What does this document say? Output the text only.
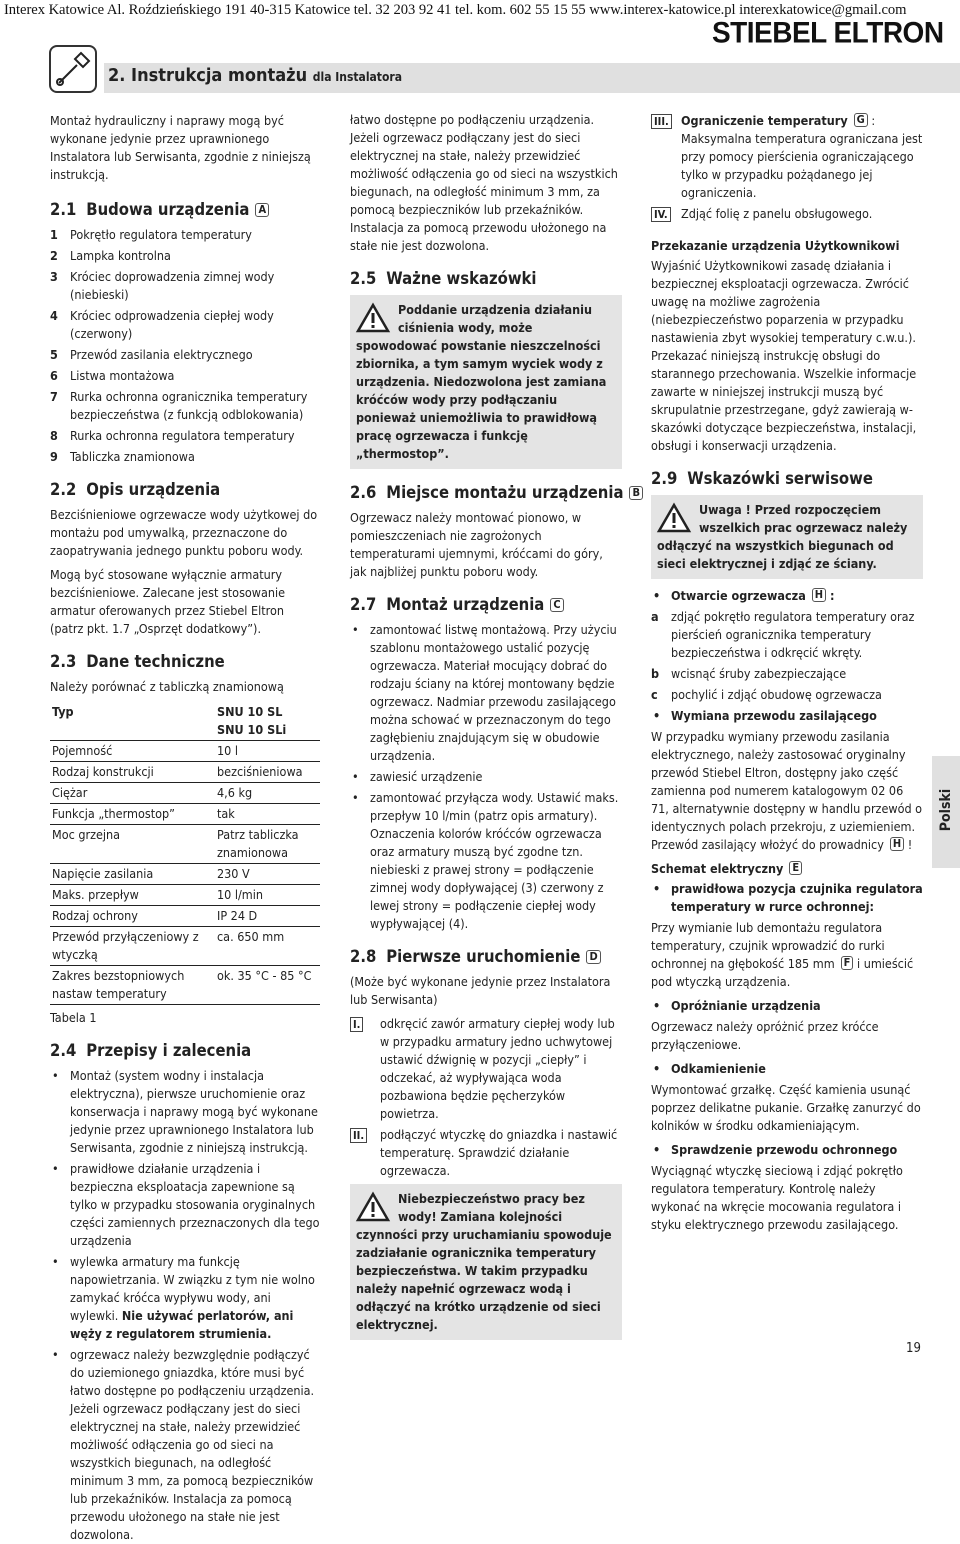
Interex Katowice Al. Roździeńskiego 191 40-315 Katowice tel. 32 203 92 41 tel. kom. 602 55 15 55 www.interex-katowice.pl interexkatowice@gmail.com
STIEBEL ELTRON
2. Instrukcja montażu dla Instalatora

Montaż hydrauliczny i naprawy mogą być wykonane jedynie przez uprawnionego Instalatora lub Serwisanta, zgodnie z niniejszą instrukcją.

2.1 Budowa urządzenia A
1 Pokrętło regulatora temperatury
2 Lampka kontrolna
3 Króciec doprowadzenia zimnej wody (niebieski)
4 Króciec odprowadzenia ciepłej wody (czerwony)
5 Przewód zasilania elektrycznego
6 Listwa montażowa
7 Rurka ochronna ogranicznika temperatury bezpieczeństwa (z funkcją odblokowania)
8 Rurka ochronna regulatora temperatury
9 Tabliczka znamionowa
2.2 Opis urządzenia

Bezciśnieniowe ogrzewacze wody użytkowej do montażu pod umywalką, przeznaczone do zaopatrywania jednego punktu poboru wody.

Mogą być stosowane wyłącznie armatury bezciśnieniowe. Zalecane jest stosowanie armatur oferowanych przez Stiebel Eltron (patrz pkt. 1.7 „Osprzęt dodatkowy”).

2.3 Dane techniczne

Należy porównać z tabliczką znamionową

Typ	SNU 10 SL
SNU 10 SLi
Pojemność	10 l
Rodzaj konstrukcji	bezciśnieniowa
Ciężar	4,6 kg
Funkcja „thermostop”	tak
Moc grzejna	Patrz tabliczka znamionowa
Napięcie zasilania	230 V
Maks. przepływ	10 l/min
Rodzaj ochrony	IP 24 D
Przewód przyłączeniowy z wtyczką	ca. 650 mm
Zakres bezstopniowych nastaw temperatury	ok. 35 °C - 85 °C

Tabela 1

2.4 Przepisy i zalecenia
• Montaż (system wodny i instalacja elektryczna), pierwsze uruchomienie oraz konserwacja i naprawy mogą być wykonane jedynie przez uprawnionego Instalatora lub Serwisanta, zgodnie z niniejszą instrukcją.
• prawidłowe działanie urządzenia i bezpieczna eksploatacja zapewnione są tylko w przypadku stosowania oryginalnych części zamiennych przeznaczonych dla tego urządzenia
• wylewka armatury ma funkcję napowietrzania. W związku z tym nie wolno zamykać króćca wypływu wody, ani wylewki. Nie używać perlatorów, ani węży z regulatorem strumienia.
• ogrzewacz należy bezwzględnie podłączyć do uziemionego gniazdka, które musi być łatwo dostępne po podłączeniu urządzenia. Jeżeli ogrzewacz podłączany jest do sieci elektrycznej na stałe, należy przewidzieć możliwość odłączenia go od sieci na wszystkich biegunach, na odległość minimum 3 mm, za pomocą bezpieczników lub przekaźników. Instalacja za pomocą przewodu ułożonego na stałe nie jest dozwolona.

łatwo dostępne po podłączeniu urządzenia. Jeżeli ogrzewacz podłączany jest do sieci elektrycznej na stałe, należy przewidzieć możliwość odłączenia go od sieci na wszystkich biegunach, na odległość minimum 3 mm, za pomocą bezpieczników lub przekaźników. Instalacja za pomocą przewodu ułożonego na stałe nie jest dozwolona.

2.5 Ważne wskazówki
Poddanie urządzenia działaniu ciśnienia wody, może spowodować powstanie nieszczelności zbiornika, a tym samym wyciek wody z urządzenia. Niedozwolona jest zamiana króćców wody przy podłączaniu ponieważ uniemożliwia to prawidłową pracę ogrzewacza i funkcję „thermostop”.
2.6 Miejsce montażu urządzenia B

Ogrzewacz należy montować pionowo, w pomieszczeniach nie zagrożonych temperaturami ujemnymi, króćcami do góry, jak najbliżej punktu poboru wody.

2.7 Montaż urządzenia C
• zamontować listwę montażową. Przy użyciu szablonu montażowego ustalić pozycję ogrzewacza. Materiał mocujący dobrać do rodzaju ściany na której montowany będzie ogrzewacz. Nadmiar przewodu zasilającego można schować w przeznaczonym do tego zagłębieniu znajdującym się w obudowie urządzenia.
• zawiesić urządzenie
• zamontować przyłącza wody. Ustawić maks. przepływ 10 l/min (patrz opis armatury). Oznaczenia kolorów króćców ogrzewacza oraz armatury muszą być zgodne tzn. niebieski z prawej strony = podłączenie zimnej wody dopływającej (3) czerwony z lewej strony = podłączenie ciepłej wody wypływającej (4).
2.8 Pierwsze uruchomienie D

(Może być wykonane jedynie przez Instalatora lub Serwisanta)

I. odkręcić zawór armatury ciepłej wody lub w przypadku armatury jedno uchwytowej ustawić dźwignię w pozycji „ciepły” i odczekać, aż wypływająca woda pozbawiona będzie pęcherzyków powietrza.
II. podłączyć wtyczkę do gniazdka i nastawić temperaturę. Sprawdzić działanie ogrzewacza.
Niebezpieczeństwo pracy bez wody! Zamiana kolejności czynności przy uruchamianiu spowoduje zadziałanie ogranicznika temperatury bezpieczeństwa. W takim przypadku należy napełnić ogrzewacz wodą i odłączyć na krótko urządzenie od sieci elektrycznej.
III. Ograniczenie temperatury G :
Maksymalna temperatura ograniczana jest przy pomocy pierścienia ograniczającego tylko w przypadku pożądanego jej ograniczenia.
IV. Zdjąć folię z panelu obsługowego.

Przekazanie urządzenia Użytkownikowi

Wyjaśnić Użytkownikowi zasadę działania i bezpiecznej eksploatacji ogrzewacza. Zwrócić uwagę na możliwe zagrożenia (niebezpieczeństwo poparzenia w przypadku nastawienia zbyt wysokiej temperatury c.w.u.). Przekazać niniejszą instrukcję obsługi do starannego przechowania. Wszelkie informacje zawarte w niniejszej instrukcji muszą być skrupulatnie przestrzegane, gdyż zawierają w-skazówki dotyczące bezpieczeństwa, instalacji, obsługi i konserwacji urządzenia.

2.9 Wskazówki serwisowe
Uwaga ! Przed rozpoczęciem wszelkich prac ogrzewacz należy odłączyć na wszystkich biegunach od sieci elektrycznej i zdjąć ze ściany.
• Otwarcie ogrzewacza H :
a zdjąć pokrętło regulatora temperatury oraz pierścień ogranicznika temperatury bezpieczeństwa i odkręcić wkręty.
b wcisnąć śruby zabezpieczające
c pochylić i zdjąć obudowę ogrzewacza
• Wymiana przewodu zasilającego

W przypadku wymiany przewodu zasilania elektrycznego, należy zastosować oryginalny przewód Stiebel Eltron, dostępny jako część zamienna pod numerem katalogowym 02 06 71, alternatywnie dostępny w handlu przewód o identycznych polach przekroju, z uziemieniem. Przewód zasilający włożyć do prowadnicy H !

Schemat elektryczny E

• prawidłowa pozycja czujnika regulatora temperatury w rurce ochronnej:

Przy wymianie lub demontażu regulatora temperatury, czujnik wprowadzić do rurki ochronnej na głębokość 185 mm F i umieścić pod wtyczką urządzenia.

• Opróżnianie urządzenia

Ogrzewacz należy opróżnić przez króćce przyłączeniowe.

• Odkamienienie

Wymontować grzałkę. Część kamienia usunąć poprzez delikatne pukanie. Grzałkę zanurzyć do kolników w środku odkamieniającym.

• Sprawdzenie przewodu ochronnego

Wyciągnąć wtyczkę sieciową i zdjąć pokrętło regulatora temperatury. Kontrolę należy wykonać na wkręcie mocowania regulatora i styku elektrycznego przewodu zasilającego.

Polski
19
